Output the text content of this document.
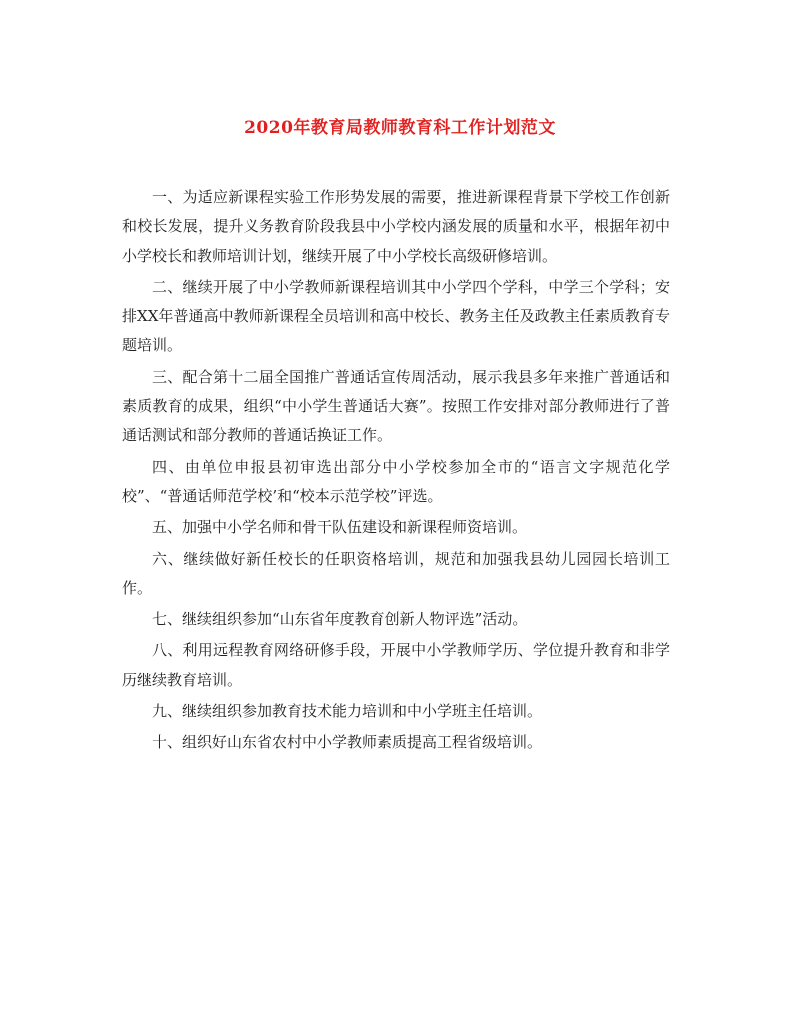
2020年教育局教师教育科工作计划范文

一、为适应新课程实验工作形势发展的需要，推进新课程背景下学校工作创新和校长发展，提升义务教育阶段我县中小学校内涵发展的质量和水平，根据年初中小学校长和教师培训计划，继续开展了中小学校长高级研修培训。

二、继续开展了中小学教师新课程培训其中小学四个学科，中学三个学科；安排XX年普通高中教师新课程全员培训和高中校长、教务主任及政教主任素质教育专题培训。

三、配合第十二届全国推广普通话宣传周活动，展示我县多年来推广普通话和素质教育的成果，组织“中小学生普通话大赛”。按照工作安排对部分教师进行了普通话测试和部分教师的普通话换证工作。

四、由单位申报县初审选出部分中小学校参加全市的“语言文字规范化学校”、“普通话师范学校’和“校本示范学校”评选。

五、加强中小学名师和骨干队伍建设和新课程师资培训。

六、继续做好新任校长的任职资格培训，规范和加强我县幼儿园园长培训工作。

七、继续组织参加“山东省年度教育创新人物评选”活动。

八、利用远程教育网络研修手段，开展中小学教师学历、学位提升教育和非学历继续教育培训。

九、继续组织参加教育技术能力培训和中小学班主任培训。

十、组织好山东省农村中小学教师素质提高工程省级培训。
